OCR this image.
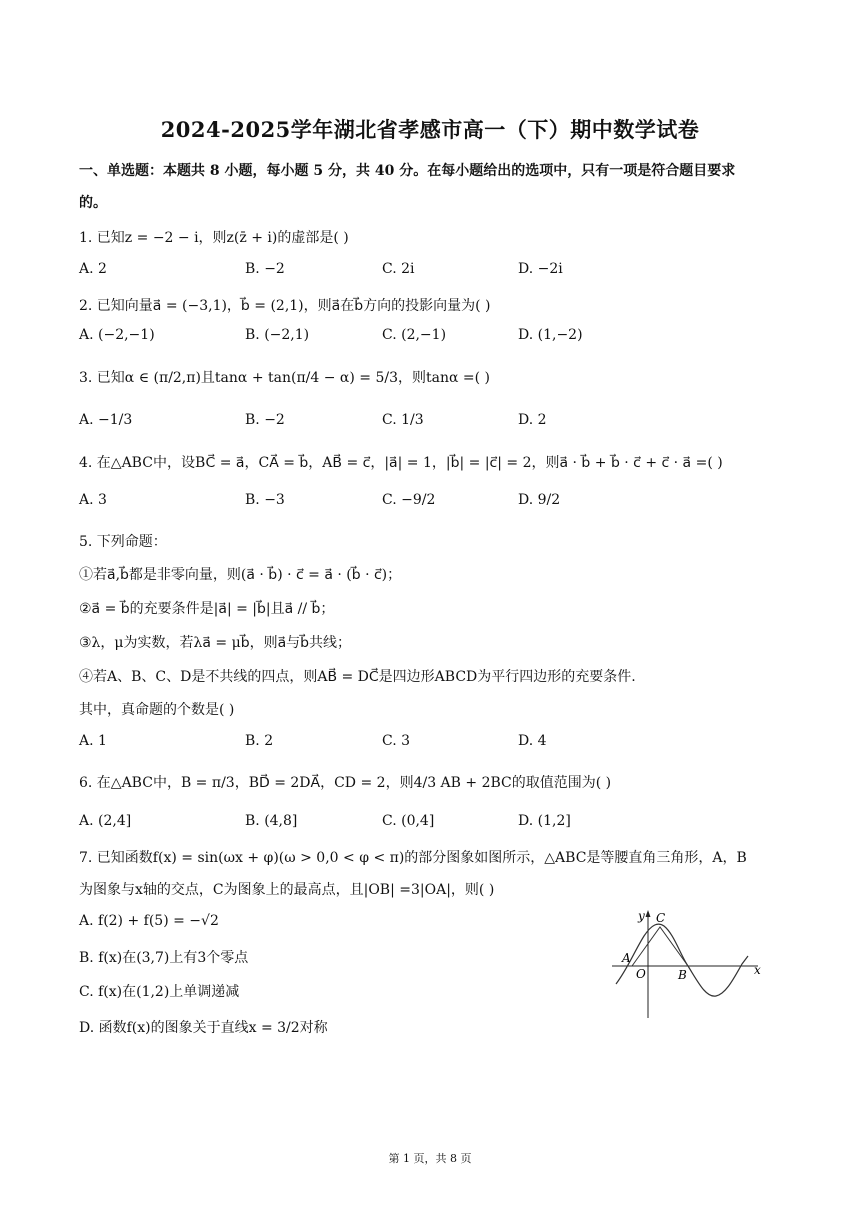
2024-2025学年湖北省孝感市高一（下）期中数学试卷
一、单选题：本题共 8 小题，每小题 5 分，共 40 分。在每小题给出的选项中，只有一项是符合题目要求
的。
1. 已知z = −2 − i，则z(z̄ + i)的虚部是( )
A. 2	B. −2	C. 2i	D. −2i
2. 已知向量a⃗ = (−3,1)，b⃗ = (2,1)，则a⃗在b⃗方向的投影向量为( )
A. (−2,−1)	B. (−2,1)	C. (2,−1)	D. (1,−2)
3. 已知α ∈ (π/2,π)且tanα + tan(π/4 − α) = 5/3，则tanα =( )
A. −1/3	B. −2	C. 1/3	D. 2
4. 在△ABC中，设BC⃗ = a⃗，CA⃗ = b⃗，AB⃗ = c⃗，|a⃗| = 1，|b⃗| = |c⃗| = 2，则a⃗ · b⃗ + b⃗ · c⃗ + c⃗ · a⃗ =( )
A. 3	B. −3	C. −9/2	D. 9/2
5. 下列命题：
①若a⃗,b⃗都是非零向量，则(a⃗ · b⃗) · c⃗ = a⃗ · (b⃗ · c⃗)；
②a⃗ = b⃗的充要条件是|a⃗| = |b⃗|且a⃗ // b⃗；
③λ，μ为实数，若λa⃗ = μb⃗，则a⃗与b⃗共线；
④若A、B、C、D是不共线的四点，则AB⃗ = DC⃗是四边形ABCD为平行四边形的充要条件.
其中，真命题的个数是( )
A. 1	B. 2	C. 3	D. 4
6. 在△ABC中，B = π/3，BD⃗ = 2DA⃗，CD = 2，则4/3 AB + 2BC的取值范围为( )
A. (2,4]	B. (4,8]	C. (0,4]	D. (1,2]
7. 已知函数f(x) = sin(ωx + φ)(ω > 0,0 < φ < π)的部分图象如图所示，△ABC是等腰直角三角形，A，B
为图象与x轴的交点，C为图象上的最高点，且|OB| =3|OA|，则( )
A. f(2) + f(5) = −√2
B. f(x)在(3,7)上有3个零点
C. f(x)在(1,2)上单调递减
D. 函数f(x)的图象关于直线x = 3/2对称
y
x
O
A
B
C
第 1 页，共 8 页
